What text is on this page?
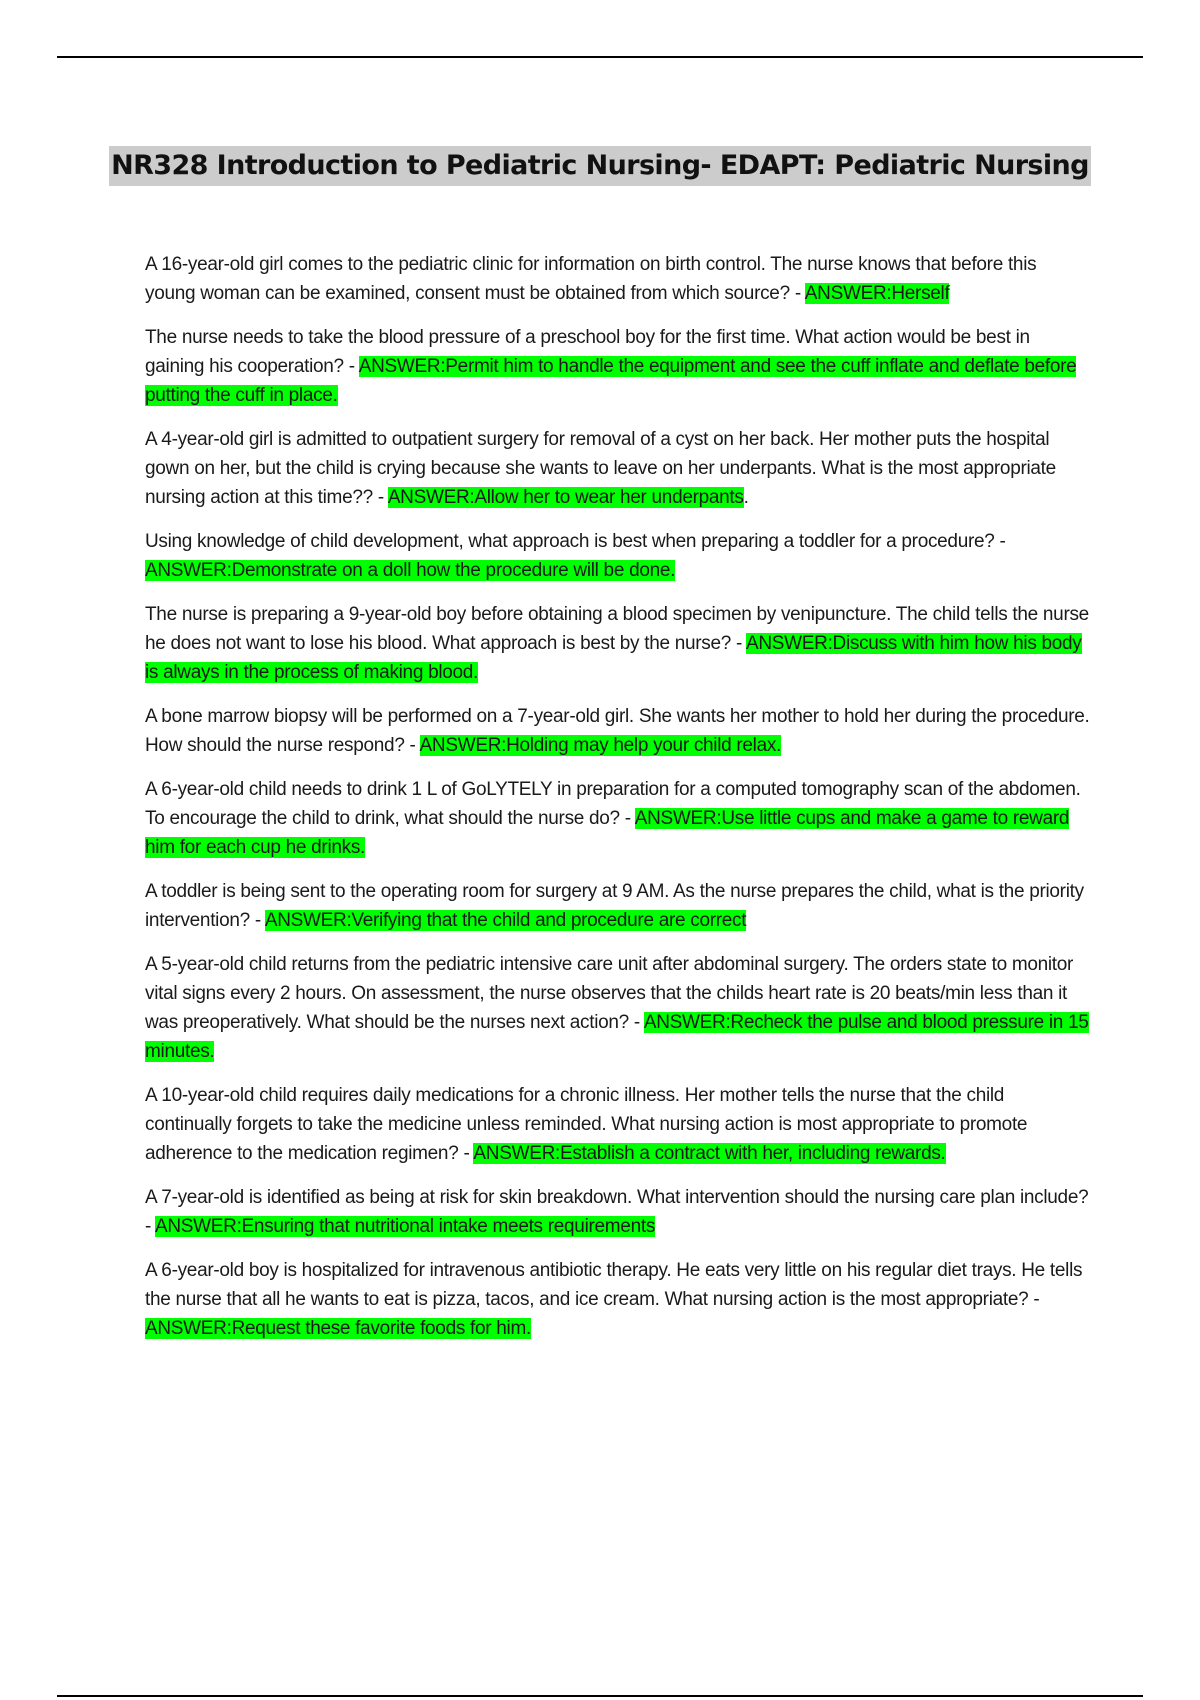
NR328 Introduction to Pediatric Nursing- EDAPT: Pediatric Nursing

A 16-year-old girl comes to the pediatric clinic for information on birth control. The nurse knows that before this young woman can be examined, consent must be obtained from which source? - ANSWER:Herself

The nurse needs to take the blood pressure of a preschool boy for the first time. What action would be best in gaining his cooperation? - ANSWER:Permit him to handle the equipment and see the cuff inflate and deflate before putting the cuff in place.

A 4-year-old girl is admitted to outpatient surgery for removal of a cyst on her back. Her mother puts the hospital gown on her, but the child is crying because she wants to leave on her underpants. What is the most appropriate nursing action at this time?? - ANSWER:Allow her to wear her underpants.

Using knowledge of child development, what approach is best when preparing a toddler for a procedure? - ANSWER:Demonstrate on a doll how the procedure will be done.

The nurse is preparing a 9-year-old boy before obtaining a blood specimen by venipuncture. The child tells the nurse he does not want to lose his blood. What approach is best by the nurse? - ANSWER:Discuss with him how his body is always in the process of making blood.

A bone marrow biopsy will be performed on a 7-year-old girl. She wants her mother to hold her during the procedure. How should the nurse respond? - ANSWER:Holding may help your child relax.

A 6-year-old child needs to drink 1 L of GoLYTELY in preparation for a computed tomography scan of the abdomen. To encourage the child to drink, what should the nurse do? - ANSWER:Use little cups and make a game to reward him for each cup he drinks.

A toddler is being sent to the operating room for surgery at 9 AM. As the nurse prepares the child, what is the priority intervention? - ANSWER:Verifying that the child and procedure are correct

A 5-year-old child returns from the pediatric intensive care unit after abdominal surgery. The orders state to monitor vital signs every 2 hours. On assessment, the nurse observes that the childs heart rate is 20 beats/min less than it was preoperatively. What should be the nurses next action? - ANSWER:Recheck the pulse and blood pressure in 15 minutes.

A 10-year-old child requires daily medications for a chronic illness. Her mother tells the nurse that the child continually forgets to take the medicine unless reminded. What nursing action is most appropriate to promote adherence to the medication regimen? - ANSWER:Establish a contract with her, including rewards.

A 7-year-old is identified as being at risk for skin breakdown. What intervention should the nursing care plan include? - ANSWER:Ensuring that nutritional intake meets requirements

A 6-year-old boy is hospitalized for intravenous antibiotic therapy. He eats very little on his regular diet trays. He tells the nurse that all he wants to eat is pizza, tacos, and ice cream. What nursing action is the most appropriate? - ANSWER:Request these favorite foods for him.
